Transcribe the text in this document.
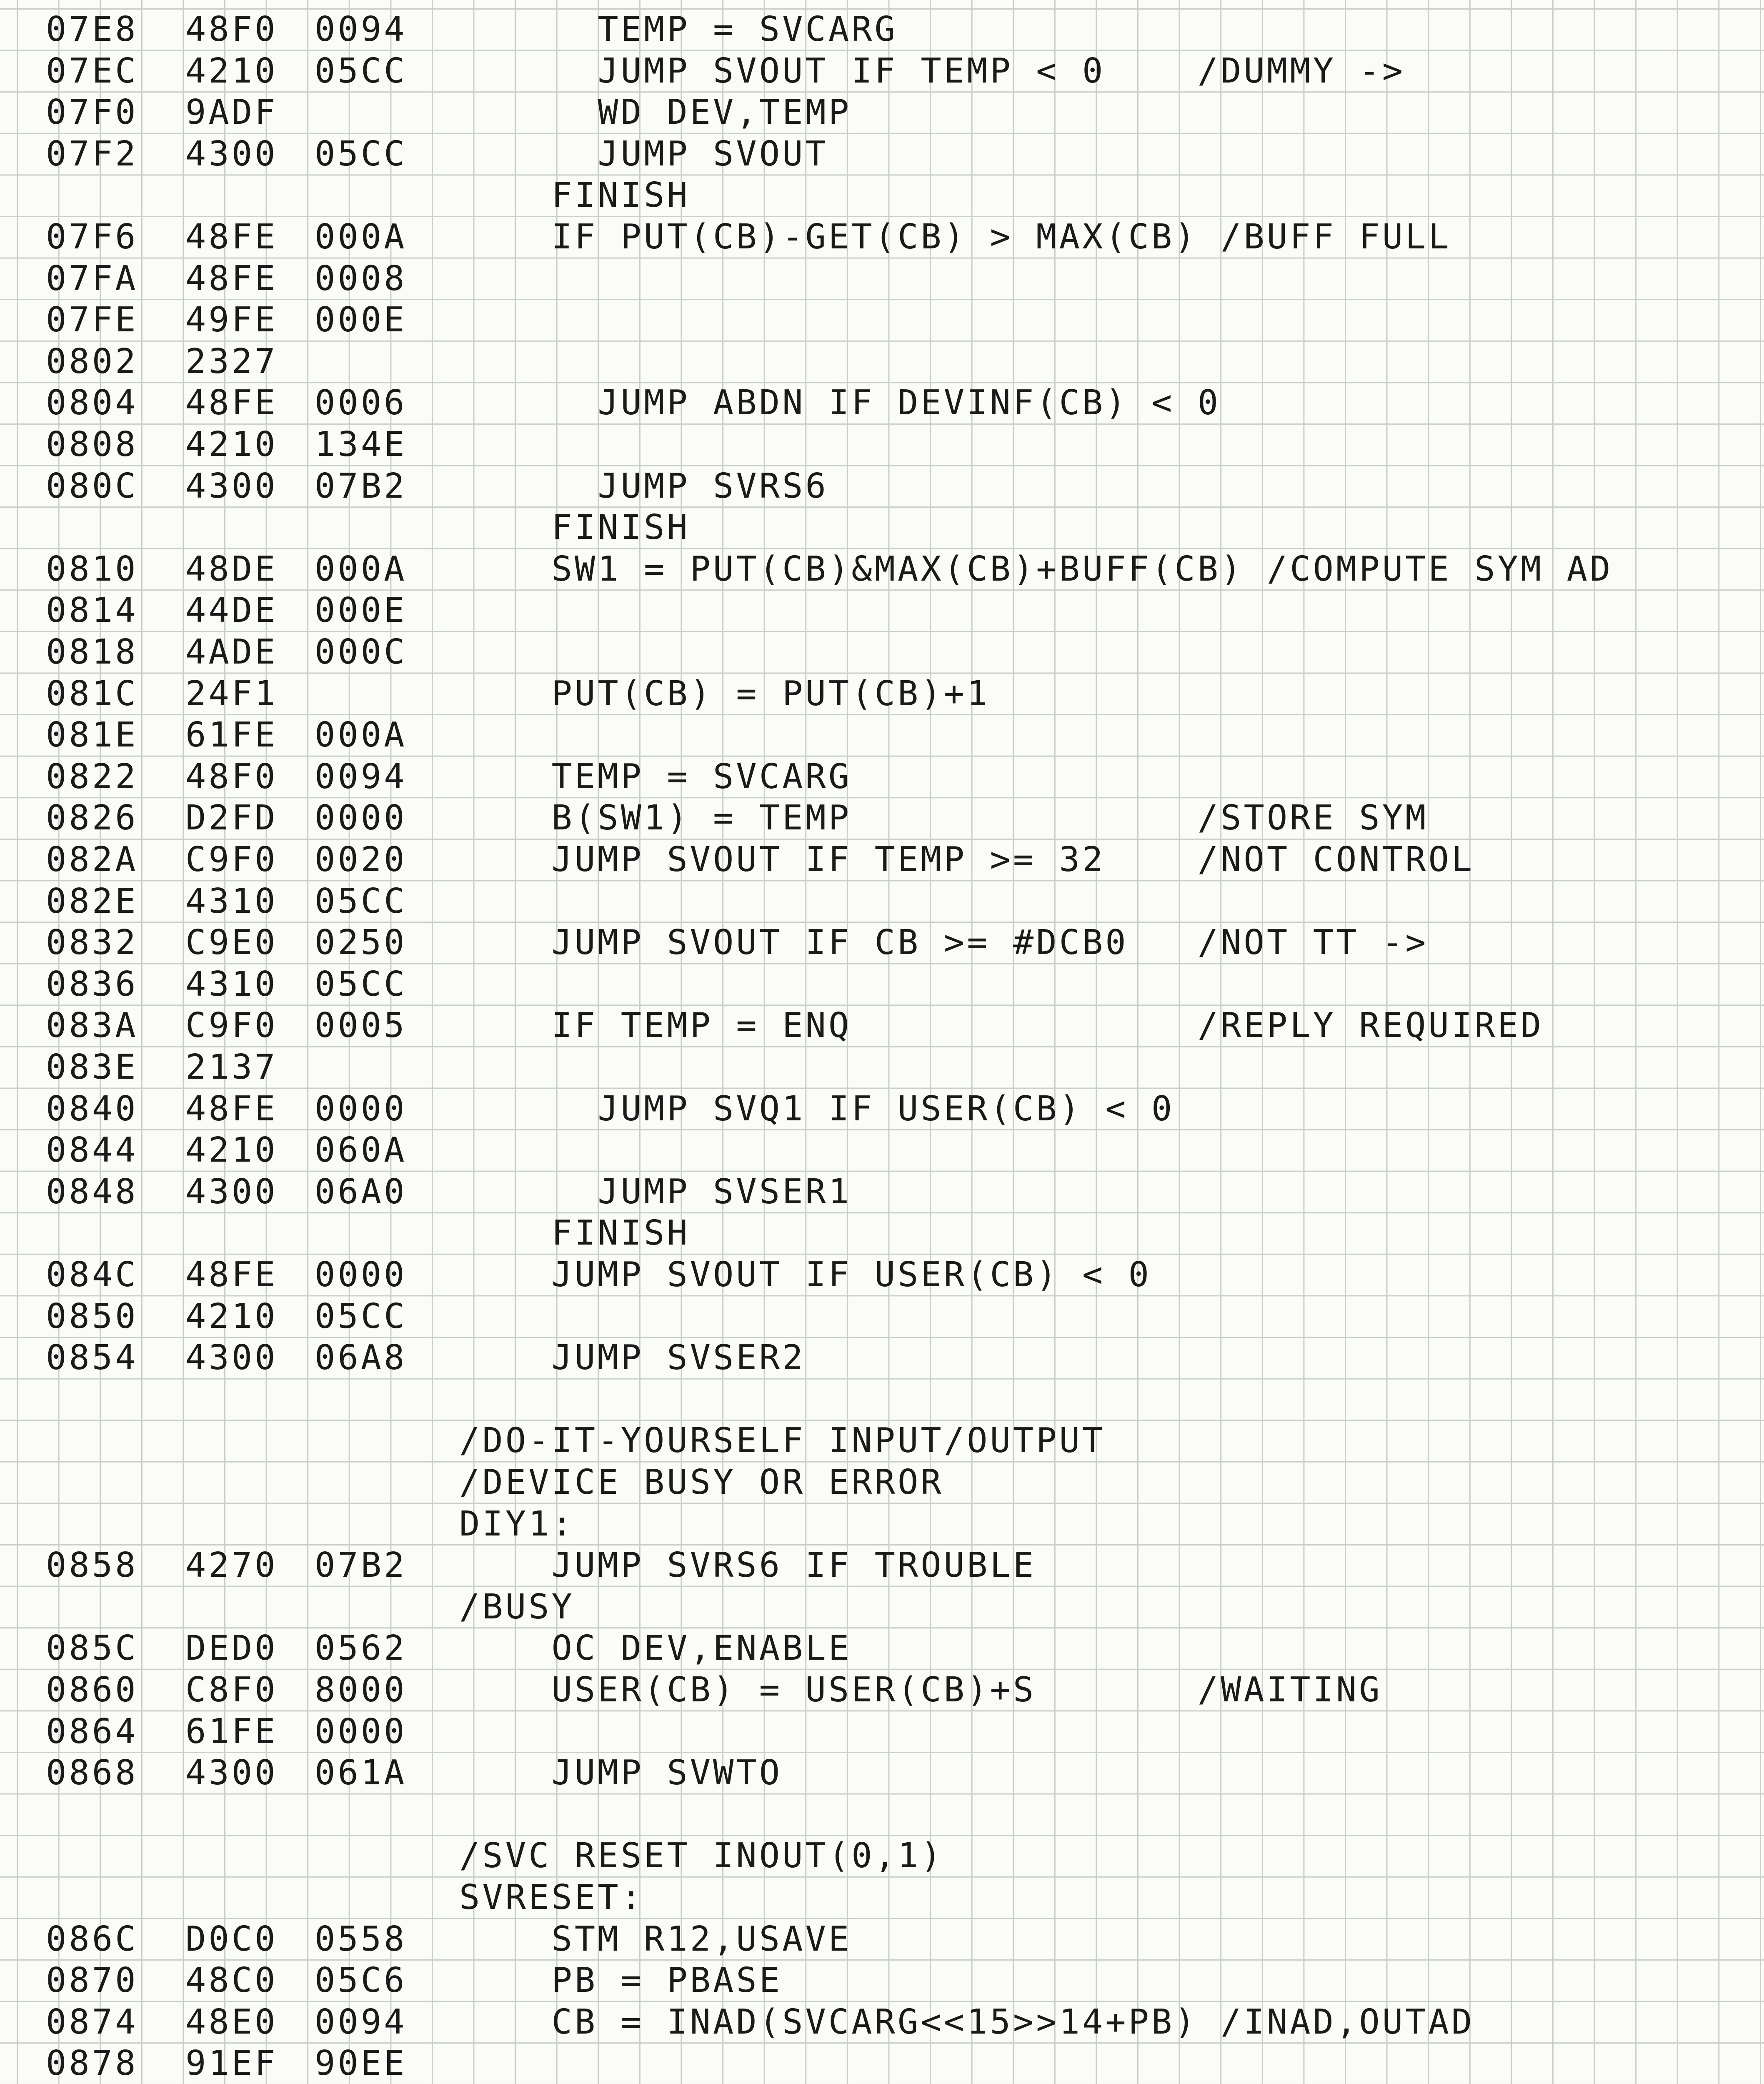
07E8 48F0 0094 TEMP = SVCARG
07EC 4210 05CC JUMP SVOUT IF TEMP < 0    /DUMMY ->
07F0 9ADF	WD DEV,TEMP
07F2 4300 05CC JUMP SVOUT
FINISH
07F6 48FE 000A IF PUT(CB)-GET(CB) > MAX(CB) /BUFF FULL
07FA 48FE 0008
07FE 49FE 000E
0802 2327
0804 48FE 0006 JUMP ABDN IF DEVINF(CB) < 0
0808 4210 134E
080C 4300 07B2 JUMP SVRS6
FINISH
0810 48DE 000A SW1 = PUT(CB)&MAX(CB)+BUFF(CB) /COMPUTE SYM AD
0814 44DE 000E
0818 4ADE 000C
081C 24F1	PUT(CB) = PUT(CB)+1
081E 61FE 000A
0822 48F0 0094 TEMP = SVCARG
0826 D2FD 0000 B(SW1) = TEMP               /STORE SYM
082A C9F0 0020 JUMP SVOUT IF TEMP >= 32    /NOT CONTROL
082E 4310 05CC
0832 C9E0 0250 JUMP SVOUT IF CB >= #DCB0   /NOT TT ->
0836 4310 05CC
083A C9F0 0005 IF TEMP = ENQ               /REPLY REQUIRED
083E 2137
0840 48FE 0000 JUMP SVQ1 IF USER(CB) < 0
0844 4210 060A
0848 4300 06A0 JUMP SVSER1
FINISH
084C 48FE 0000 JUMP SVOUT IF USER(CB) < 0
0850 4210 05CC
0854 4300 06A8 JUMP SVSER2
/DO-IT-YOURSELF INPUT/OUTPUT
/DEVICE BUSY OR ERROR
DIY1:
0858 4270 07B2 JUMP SVRS6 IF TROUBLE
/BUSY
085C DED0 0562 OC DEV,ENABLE
0860 C8F0 8000 USER(CB) = USER(CB)+S       /WAITING
0864 61FE 0000
0868 4300 061A JUMP SVWTO
/SVC RESET INOUT(0,1)
SVRESET:
086C D0C0 0558 STM R12,USAVE
0870 48C0 05C6 PB = PBASE
0874 48E0 0094 CB = INAD(SVCARG<<15>>14+PB) /INAD,OUTAD
0878 91EF 90EE
